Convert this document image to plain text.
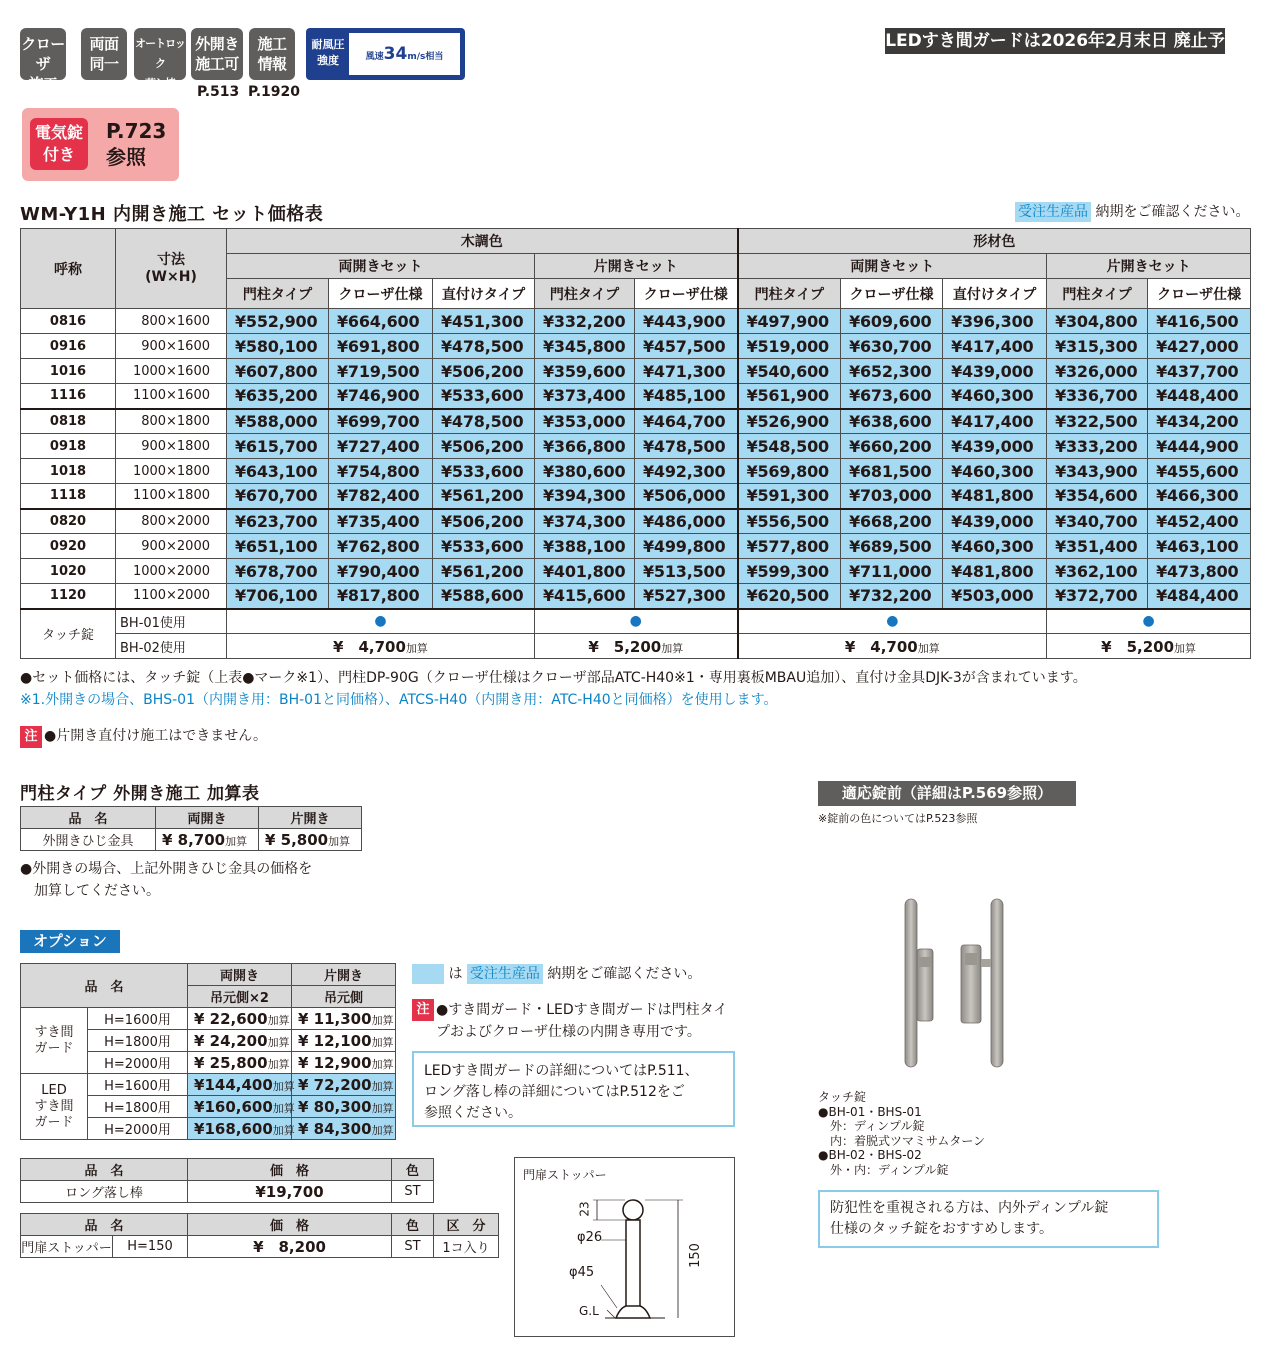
クローザ
施工
両面
同一
オートロック
落し棒
外開き
施工可
施工
情報
P.513 P.1920
耐風圧
強度	風速34m/s相当
LEDすき間ガードは2026年2月末日 廃止予定
電気錠
付き
P.723
参照
WM-Y1H 内開き施工 セット価格表	受注生産品 納期をご確認ください。
呼称	寸法
(W×H)	木調色					形材色				
		両開きセット			片開きセット		両開きセット			片開きセット	
		門柱タイプ	クローザ仕様	直付けタイプ	門柱タイプ	クローザ仕様	門柱タイプ	クローザ仕様	直付けタイプ	門柱タイプ	クローザ仕様
0816	800×1600	¥552,900	¥664,600	¥451,300	¥332,200	¥443,900	¥497,900	¥609,600	¥396,300	¥304,800	¥416,500
0916	900×1600	¥580,100	¥691,800	¥478,500	¥345,800	¥457,500	¥519,000	¥630,700	¥417,400	¥315,300	¥427,000
1016	1000×1600	¥607,800	¥719,500	¥506,200	¥359,600	¥471,300	¥540,600	¥652,300	¥439,000	¥326,000	¥437,700
1116	1100×1600	¥635,200	¥746,900	¥533,600	¥373,400	¥485,100	¥561,900	¥673,600	¥460,300	¥336,700	¥448,400
0818	800×1800	¥588,000	¥699,700	¥478,500	¥353,000	¥464,700	¥526,900	¥638,600	¥417,400	¥322,500	¥434,200
0918	900×1800	¥615,700	¥727,400	¥506,200	¥366,800	¥478,500	¥548,500	¥660,200	¥439,000	¥333,200	¥444,900
1018	1000×1800	¥643,100	¥754,800	¥533,600	¥380,600	¥492,300	¥569,800	¥681,500	¥460,300	¥343,900	¥455,600
1118	1100×1800	¥670,700	¥782,400	¥561,200	¥394,300	¥506,000	¥591,300	¥703,000	¥481,800	¥354,600	¥466,300
0820	800×2000	¥623,700	¥735,400	¥506,200	¥374,300	¥486,000	¥556,500	¥668,200	¥439,000	¥340,700	¥452,400
0920	900×2000	¥651,100	¥762,800	¥533,600	¥388,100	¥499,800	¥577,800	¥689,500	¥460,300	¥351,400	¥463,100
1020	1000×2000	¥678,700	¥790,400	¥561,200	¥401,800	¥513,500	¥599,300	¥711,000	¥481,800	¥362,100	¥473,800
1120	1100×2000	¥706,100	¥817,800	¥588,600	¥415,600	¥527,300	¥620,500	¥732,200	¥503,000	¥372,700	¥484,400
タッチ錠	BH-01使用	●			●		●			●	
	BH-02使用	¥　4,700加算			¥　5,200加算		¥　4,700加算			¥　5,200加算	
●セット価格には、タッチ錠（上表●マーク※1）、門柱DP-90G（クローザ仕様はクローザ部品ATC-H40※1・専用裏板MBAU追加）、直付け金具DJK-3が含まれています。
※1.外開きの場合、BHS-01（内開き用：BH-01と同価格）、ATCS-H40（内開き用：ATC-H40と同価格）を使用します。
注 ●片開き直付け施工はできません。
門柱タイプ 外開き施工 加算表
品　名	両開き	片開き
外開きひじ金具	¥ 8,700加算	¥ 5,800加算
●外開きの場合、上記外開きひじ金具の価格を
　加算してください。
オプション
品　名		両開き	片開き
		吊元側×2	吊元側
すき間
ガード	H=1600用	¥ 22,600加算	¥ 11,300加算
	H=1800用	¥ 24,200加算	¥ 12,100加算
	H=2000用	¥ 25,800加算	¥ 12,900加算
LED
すき間
ガード	H=1600用	¥144,400加算	¥ 72,200加算
	H=1800用	¥160,600加算	¥ 80,300加算
	H=2000用	¥168,600加算	¥ 84,300加算
は 受注生産品 納期をご確認ください。
注 ●すき間ガード・LEDすき間ガードは門柱タイ
プおよびクローザ仕様の内開き専用です。
LEDすき間ガードの詳細についてはP.511、
ロング落し棒の詳細についてはP.512をご
参照ください。
品　名	価　格	色
ロング落し棒	¥19,700	ST
品　名		価　格	色	区　分
門扉ストッパー	H=150	¥　8,200	ST	1コ入り
門扉ストッパー
23
φ26
φ45
150
G.L
適応錠前（詳細はP.569参照）
※錠前の色についてはP.523参照
タッチ錠
●BH-01・BHS-01
　外：ディンプル錠
　内：着脱式ツマミサムターン
●BH-02・BHS-02
　外・内：ディンプル錠
防犯性を重視される方は、内外ディンプル錠
仕様のタッチ錠をおすすめします。
